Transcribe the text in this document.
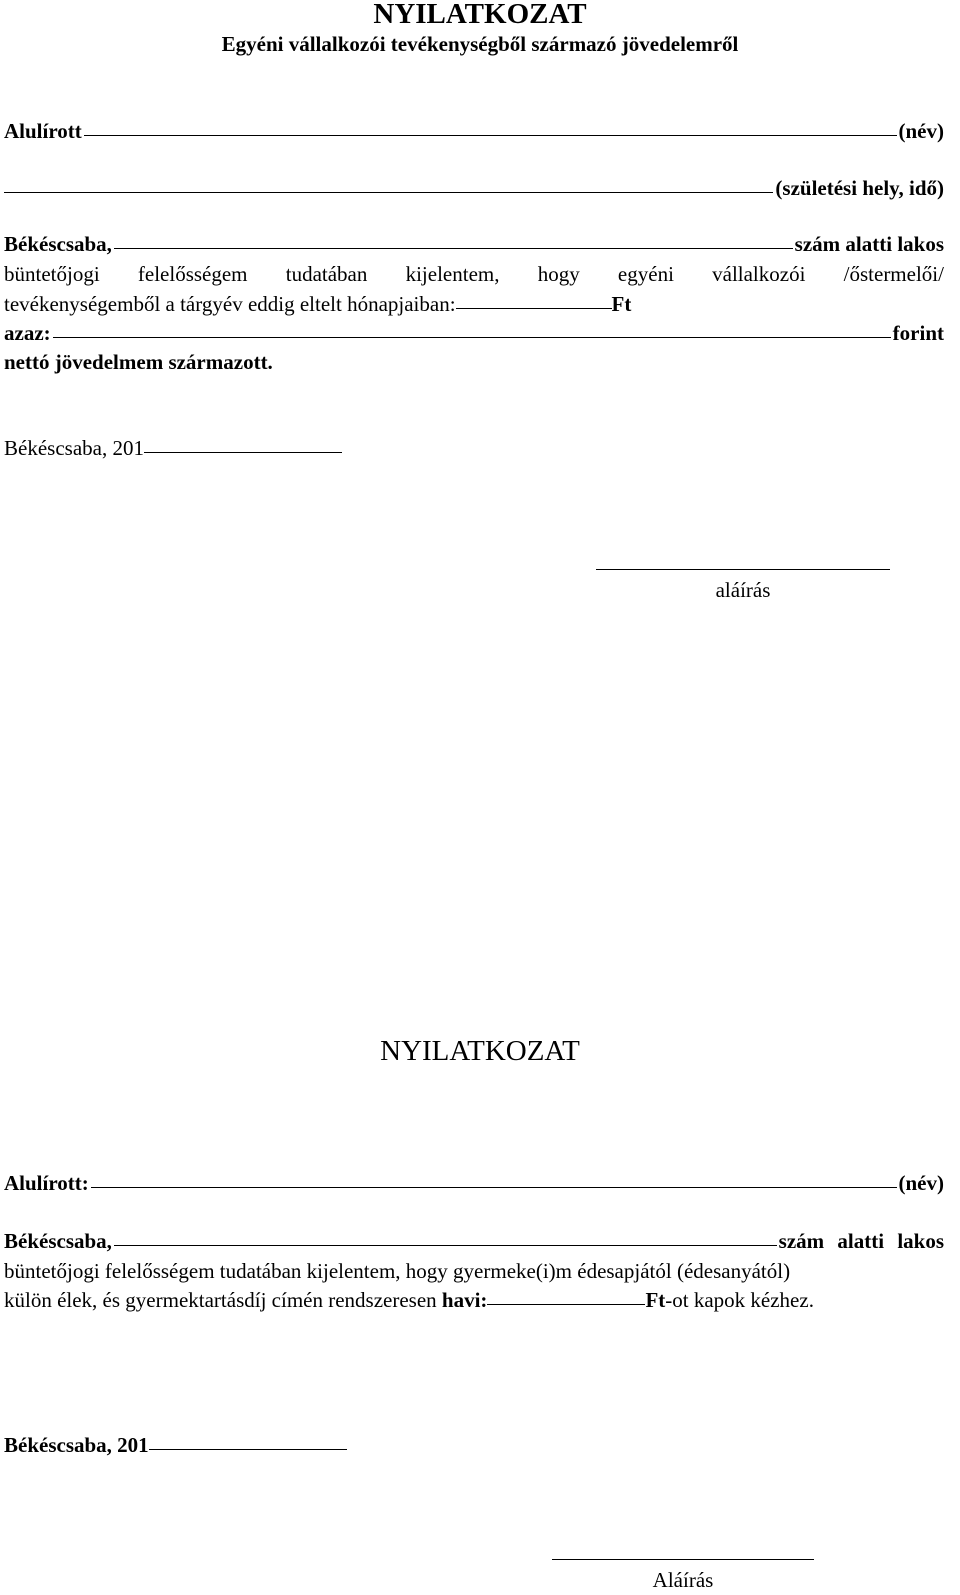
NYILATKOZAT
Egyéni vállalkozói tevékenységből származó jövedelemről
Alulírott	(név)
(születési hely, idő)
Békéscsaba,	szám alatti lakos
büntetőjogi felelősségem tudatában kijelentem, hogy egyéni vállalkozói /őstermelői/
tevékenységemből a tárgyév eddig eltelt hónapjaiban:	Ft
azaz:	forint
nettó jövedelmem származott.
Békéscsaba, 201
aláírás
NYILATKOZAT
Alulírott:	(név)
Békéscsaba,	szám alatti lakos
büntetőjogi felelősségem tudatában kijelentem, hogy gyermeke(i)m édesapjától (édesanyától)
külön élek, és gyermektartásdíj címén rendszeresen havi:	Ft-ot kapok kézhez.
Békéscsaba, 201
Aláírás
